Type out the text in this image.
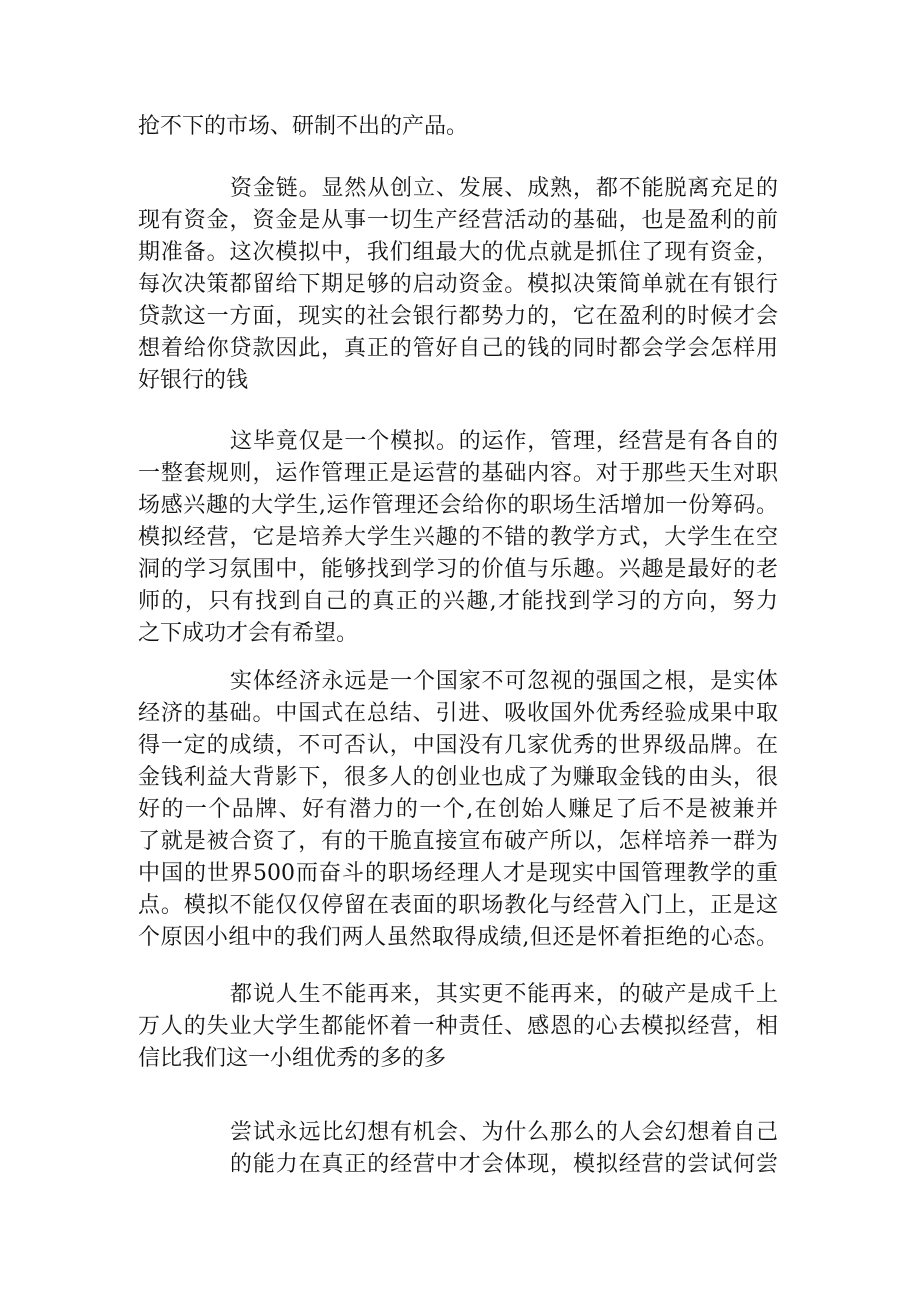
抢不下的市场、研制不出的产品。

资金链。显然从创立、发展、成熟，都不能脱离充足的
现有资金，资金是从事一切生产经营活动的基础，也是盈利的前
期准备。这次模拟中，我们组最大的优点就是抓住了现有资金，
每次决策都留给下期足够的启动资金。模拟决策简单就在有银行
贷款这一方面，现实的社会银行都势力的，它在盈利的时候才会
想着给你贷款因此，真正的管好自己的钱的同时都会学会怎样用
好银行的钱

这毕竟仅是一个模拟。的运作，管理，经营是有各自的
一整套规则，运作管理正是运营的基础内容。对于那些天生对职
场感兴趣的大学生,运作管理还会给你的职场生活增加一份筹码。
模拟经营，它是培养大学生兴趣的不错的教学方式，大学生在空
洞的学习氛围中，能够找到学习的价值与乐趣。兴趣是最好的老
师的，只有找到自己的真正的兴趣,才能找到学习的方向，努力
之下成功才会有希望。

实体经济永远是一个国家不可忽视的强国之根，是实体
经济的基础。中国式在总结、引进、吸收国外优秀经验成果中取
得一定的成绩，不可否认，中国没有几家优秀的世界级品牌。在
金钱利益大背影下，很多人的创业也成了为赚取金钱的由头，很
好的一个品牌、好有潜力的一个,在创始人赚足了后不是被兼并
了就是被合资了，有的干脆直接宣布破产所以，怎样培养一群为
中国的世界500而奋斗的职场经理人才是现实中国管理教学的重
点。模拟不能仅仅停留在表面的职场教化与经营入门上，正是这
个原因小组中的我们两人虽然取得成绩,但还是怀着拒绝的心态。

都说人生不能再来，其实更不能再来，的破产是成千上
万人的失业大学生都能怀着一种责任、感恩的心去模拟经营，相
信比我们这一小组优秀的多的多

尝试永远比幻想有机会、为什么那么的人会幻想着自己
的能力在真正的经营中才会体现，模拟经营的尝试何尝
